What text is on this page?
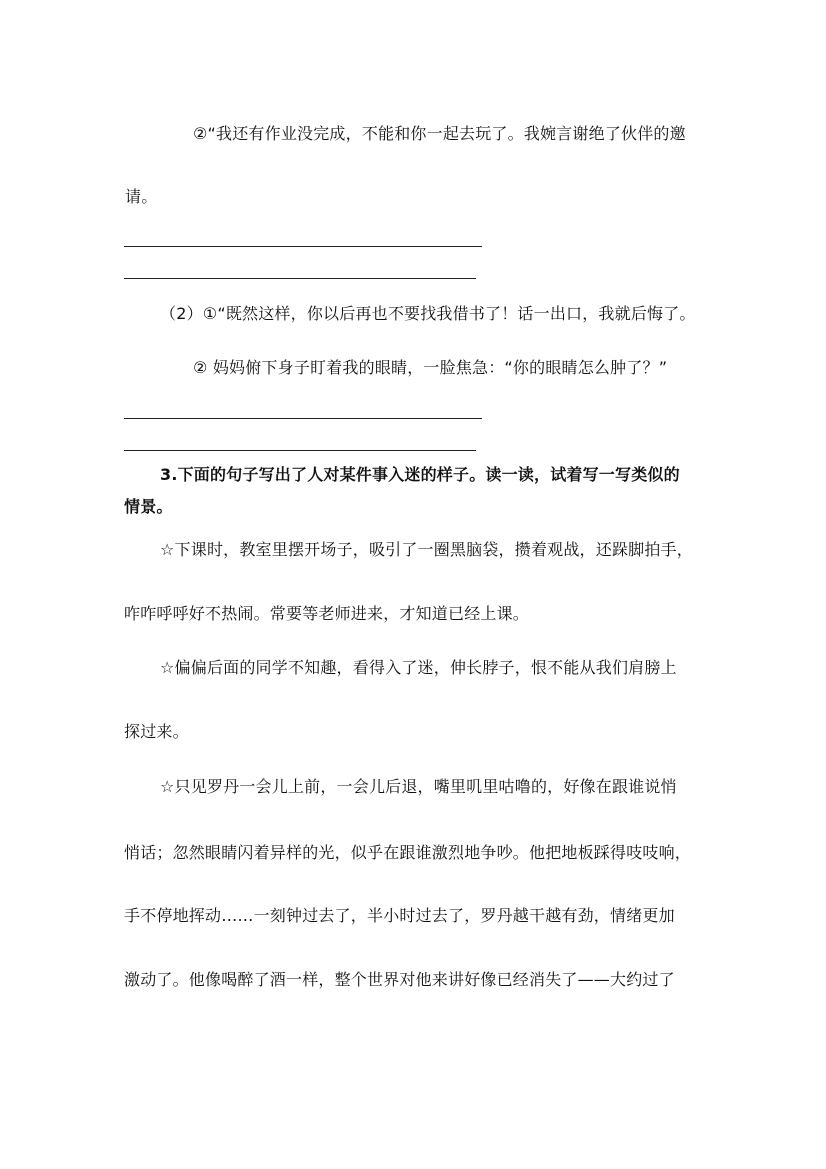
②“我还有作业没完成，不能和你一起去玩了。我婉言谢绝了伙伴的邀
请。
（2）①“既然这样，你以后再也不要找我借书了！话一出口，我就后悔了。
② 妈妈俯下身子盯着我的眼睛，一脸焦急：“你的眼睛怎么肿了？”
3.下面的句子写出了人对某件事入迷的样子。读一读，试着写一写类似的
情景。
☆下课时，教室里摆开场子，吸引了一圈黑脑袋，攒着观战，还跺脚拍手，
咋咋呼呼好不热闹。常要等老师进来，才知道已经上课。
☆偏偏后面的同学不知趣，看得入了迷，伸长脖子，恨不能从我们肩膀上
探过来。
☆只见罗丹一会儿上前，一会儿后退，嘴里叽里咕噜的，好像在跟谁说悄
悄话；忽然眼睛闪着异样的光，似乎在跟谁激烈地争吵。他把地板踩得吱吱响，
手不停地挥动……一刻钟过去了，半小时过去了，罗丹越干越有劲，情绪更加
激动了。他像喝醉了酒一样，整个世界对他来讲好像已经消失了——大约过了
